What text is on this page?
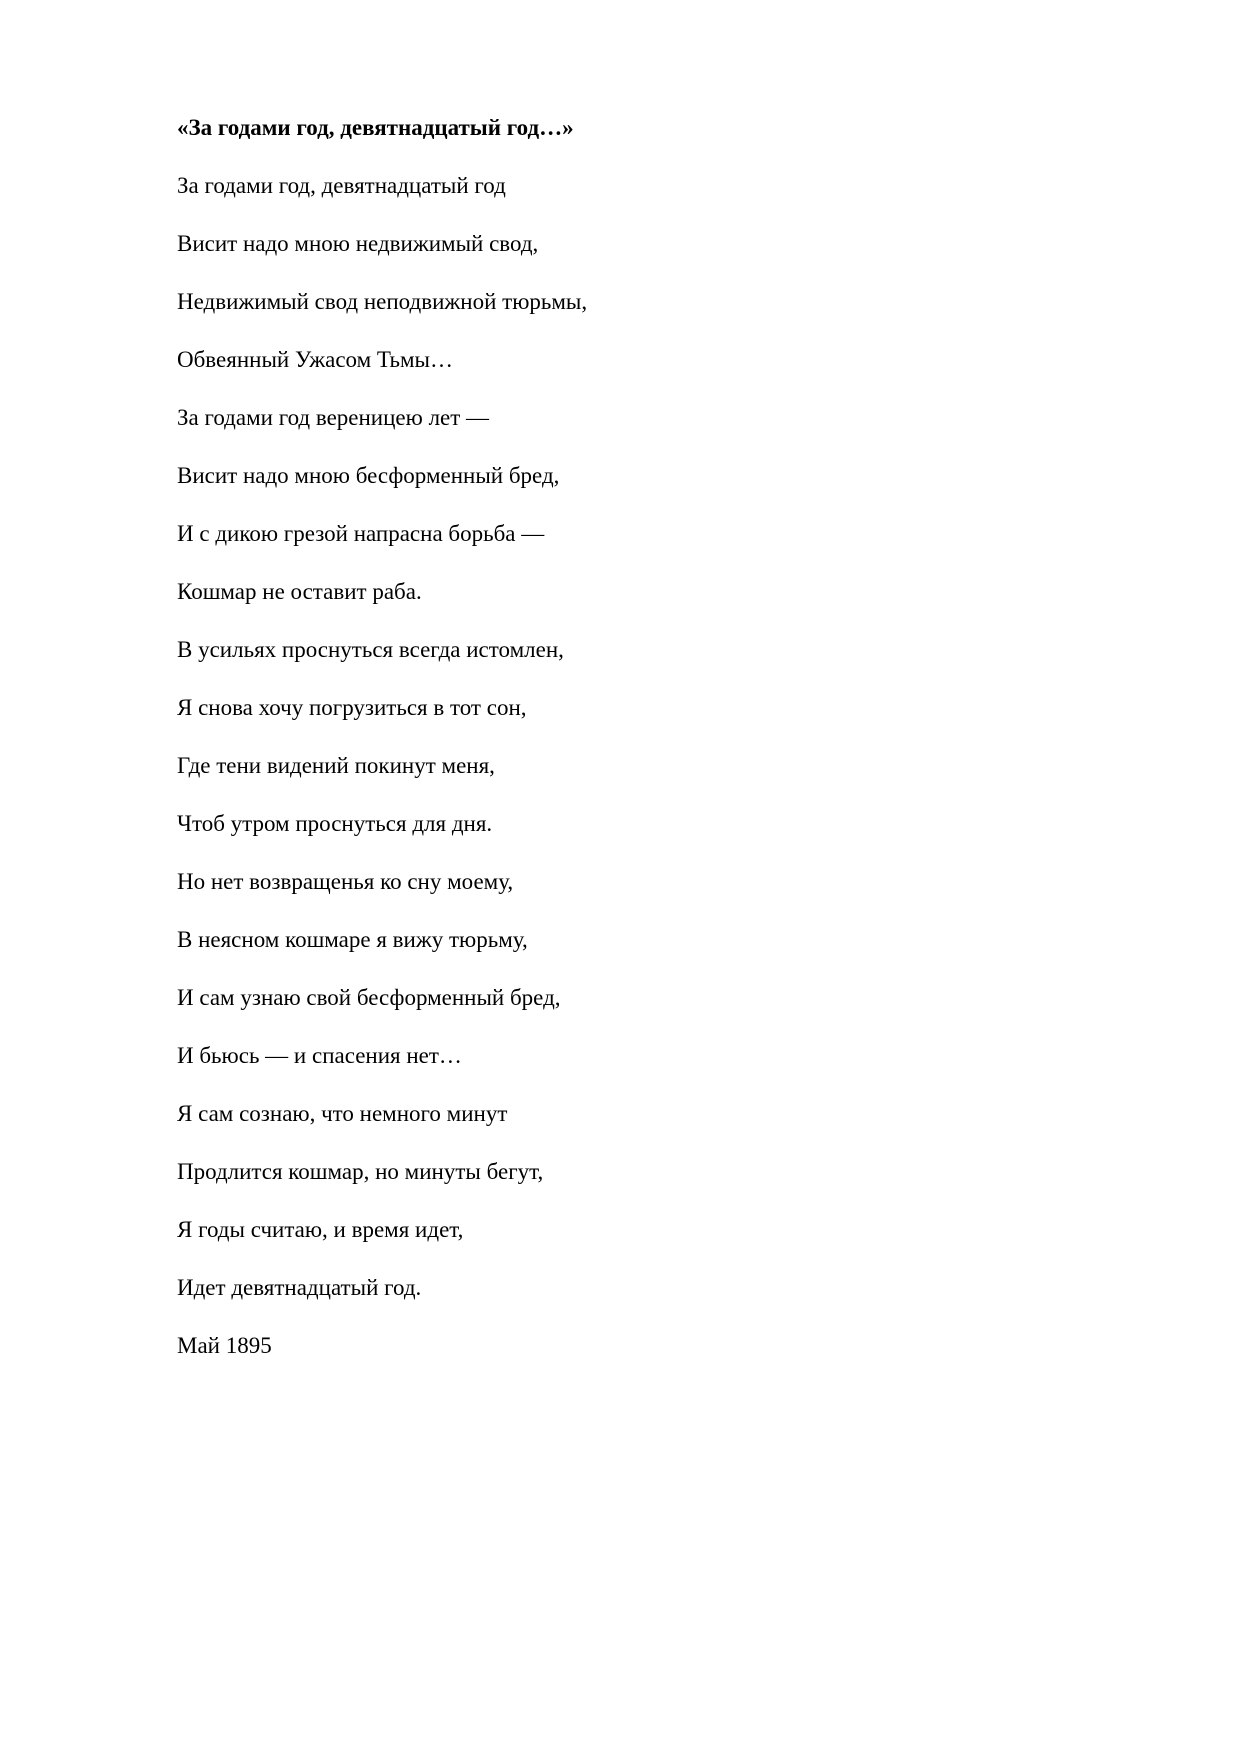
«За годами год, девятнадцатый год…»
За годами год, девятнадцатый год
Висит надо мною недвижимый свод,
Недвижимый свод неподвижной тюрьмы,
Обвеянный Ужасом Тьмы…
За годами год вереницею лет —
Висит надо мною бесформенный бред,
И с дикою грезой напрасна борьба —
Кошмар не оставит раба.
В усильях проснуться всегда истомлен,
Я снова хочу погрузиться в тот сон,
Где тени видений покинут меня,
Чтоб утром проснуться для дня.
Но нет возвращенья ко сну моему,
В неясном кошмаре я вижу тюрьму,
И сам узнаю свой бесформенный бред,
И бьюсь — и спасения нет…
Я сам сознаю, что немного минут
Продлится кошмар, но минуты бегут,
Я годы считаю, и время идет,
Идет девятнадцатый год.
Май 1895
